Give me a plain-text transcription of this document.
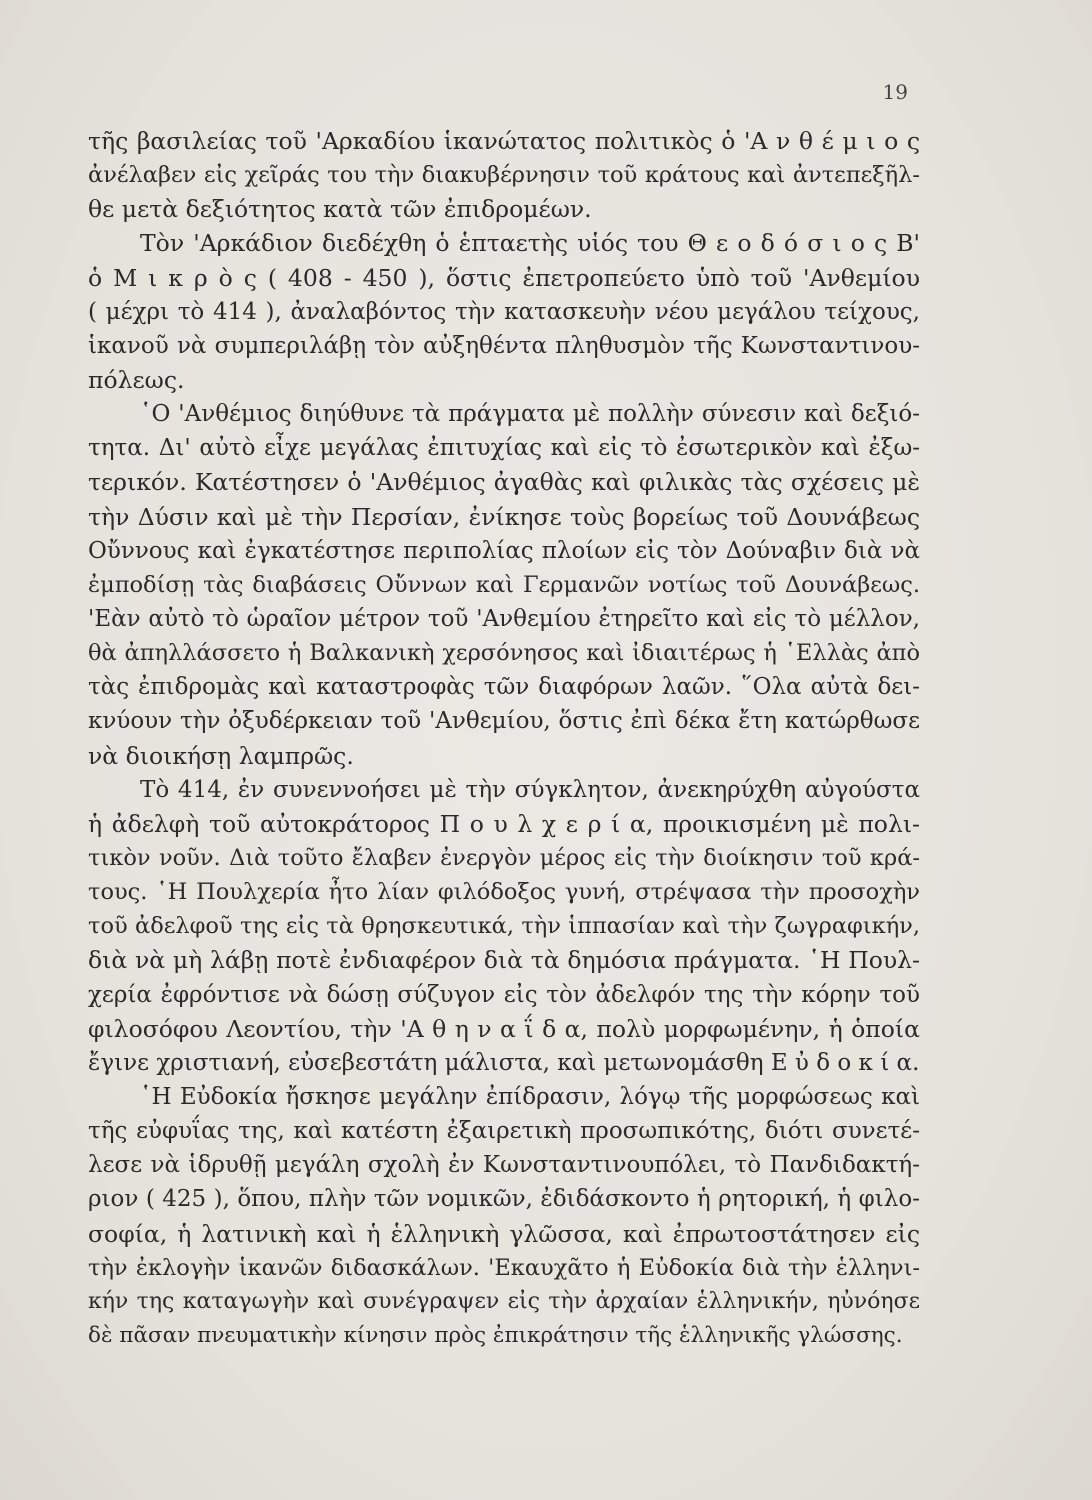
19
τῆς βασιλείας τοῦ 'Αρκαδίου ἱκανώτατος πολιτικὸς ὁ 'Α ν θ έ μ ι ο ς
ἀνέλαβεν εἰς χεῖράς του τὴν διακυβέρνησιν τοῦ κράτους καὶ ἀντεπεξῆλ-
θε μετὰ δεξιότητος κατὰ τῶν ἐπιδρομέων.
Τὸν 'Αρκάδιον διεδέχθη ὁ ἑπταετὴς υἱός του Θ ε ο δ ό σ ι ο ς Β'
ὁ Μ ι κ ρ ὸ ς ( 408 - 450 ), ὅστις ἐπετροπεύετο ὑπὸ τοῦ 'Ανθεμίου
( μέχρι τὸ 414 ), ἀναλαβόντος τὴν κατασκευὴν νέου μεγάλου τείχους,
ἱκανοῦ νὰ συμπεριλάβῃ τὸν αὐξηθέντα πληθυσμὸν τῆς Κωνσταντινου-
πόλεως.
῾Ο 'Ανθέμιος διηύθυνε τὰ πράγματα μὲ πολλὴν σύνεσιν καὶ δεξιό-
τητα. Δι' αὐτὸ εἶχε μεγάλας ἐπιτυχίας καὶ εἰς τὸ ἐσωτερικὸν καὶ ἐξω-
τερικόν. Κατέστησεν ὁ 'Ανθέμιος ἀγαθὰς καὶ φιλικὰς τὰς σχέσεις μὲ
τὴν Δύσιν καὶ μὲ τὴν Περσίαν, ἐνίκησε τοὺς βορείως τοῦ Δουνάβεως
Οὔννους καὶ ἐγκατέστησε περιπολίας πλοίων εἰς τὸν Δούναβιν διὰ νὰ
ἐμποδίσῃ τὰς διαβάσεις Οὔννων καὶ Γερμανῶν νοτίως τοῦ Δουνάβεως.
'Εὰν αὐτὸ τὸ ὡραῖον μέτρον τοῦ 'Ανθεμίου ἐτηρεῖτο καὶ εἰς τὸ μέλλον,
θὰ ἀπηλλάσσετο ἡ Βαλκανικὴ χερσόνησος καὶ ἰδιαιτέρως ἡ ῾Ελλὰς ἀπὸ
τὰς ἐπιδρομὰς καὶ καταστροφὰς τῶν διαφόρων λαῶν. ῞Ολα αὐτὰ δει-
κνύουν τὴν ὀξυδέρκειαν τοῦ 'Ανθεμίου, ὅστις ἐπὶ δέκα ἔτη κατώρθωσε
νὰ διοικήσῃ λαμπρῶς.
Τὸ 414, ἐν συνεννοήσει μὲ τὴν σύγκλητον, ἀνεκηρύχθη αὐγούστα
ἡ ἀδελφὴ τοῦ αὐτοκράτορος Π ο υ λ χ ε ρ ί α, προικισμένη μὲ πολι-
τικὸν νοῦν. Διὰ τοῦτο ἔλαβεν ἐνεργὸν μέρος εἰς τὴν διοίκησιν τοῦ κρά-
τους. ῾Η Πουλχερία ἦτο λίαν φιλόδοξος γυνή, στρέψασα τὴν προσοχὴν
τοῦ ἀδελφοῦ της εἰς τὰ θρησκευτικά, τὴν ἱππασίαν καὶ τὴν ζωγραφικήν,
διὰ νὰ μὴ λάβῃ ποτὲ ἐνδιαφέρον διὰ τὰ δημόσια πράγματα. ῾Η Πουλ-
χερία ἐφρόντισε νὰ δώσῃ σύζυγον εἰς τὸν ἀδελφόν της τὴν κόρην τοῦ
φιλοσόφου Λεοντίου, τὴν 'Α θ η ν α ΐ δ α, πολὺ μορφωμένην, ἡ ὁποία
ἔγινε χριστιανή, εὐσεβεστάτη μάλιστα, καὶ μετωνομάσθη Ε ὐ δ ο κ ί α.
῾Η Εὐδοκία ἤσκησε μεγάλην ἐπίδρασιν, λόγῳ τῆς μορφώσεως καὶ
τῆς εὐφυΐας της, καὶ κατέστη ἐξαιρετικὴ προσωπικότης, διότι συνετέ-
λεσε νὰ ἱδρυθῇ μεγάλη σχολὴ ἐν Κωνσταντινουπόλει, τὸ Πανδιδακτή-
ριον ( 425 ), ὅπου, πλὴν τῶν νομικῶν, ἐδιδάσκοντο ἡ ρητορική, ἡ φιλο-
σοφία, ἡ λατινικὴ καὶ ἡ ἑλληνικὴ γλῶσσα, καὶ ἐπρωτοστάτησεν εἰς
τὴν ἐκλογὴν ἱκανῶν διδασκάλων. 'Εκαυχᾶτο ἡ Εὐδοκία διὰ τὴν ἑλληνι-
κήν της καταγωγὴν καὶ συνέγραψεν εἰς τὴν ἀρχαίαν ἑλληνικήν, ηὐνόησε
δὲ πᾶσαν πνευματικὴν κίνησιν πρὸς ἐπικράτησιν τῆς ἑλληνικῆς γλώσσης.
